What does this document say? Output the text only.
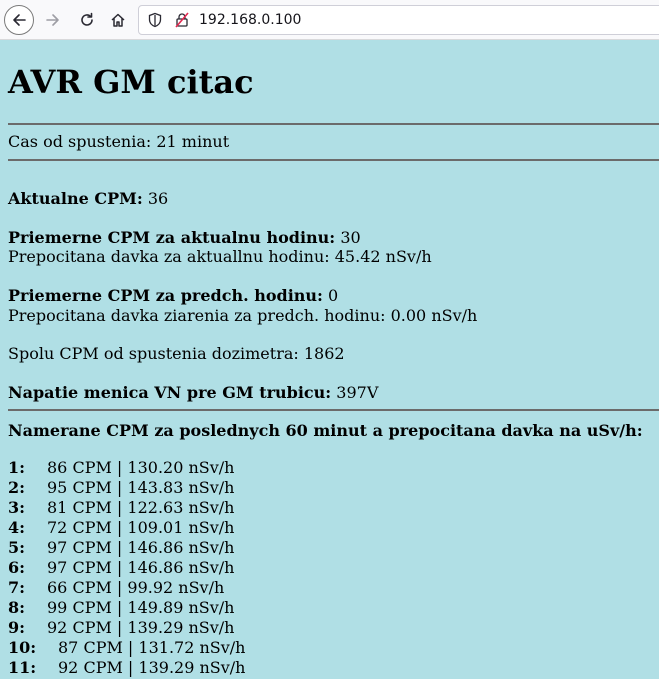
192.168.0.100
AVR GM citac
Cas od spustenia: 21 minut
Aktualne CPM: 36
Priemerne CPM za aktualnu hodinu: 30
Prepocitana davka za aktuallnu hodinu: 45.42 nSv/h
Priemerne CPM za predch. hodinu: 0
Prepocitana davka ziarenia za predch. hodinu: 0.00 nSv/h
Spolu CPM od spustenia dozimetra: 1862
Napatie menica VN pre GM trubicu: 397V
Namerane CPM za poslednych 60 minut a prepocitana davka na uSv/h:
1:	86 CPM | 130.20 nSv/h
2:	95 CPM | 143.83 nSv/h
3:	81 CPM | 122.63 nSv/h
4:	72 CPM | 109.01 nSv/h
5:	97 CPM | 146.86 nSv/h
6:	97 CPM | 146.86 nSv/h
7:	66 CPM | 99.92 nSv/h
8:	99 CPM | 149.89 nSv/h
9:	92 CPM | 139.29 nSv/h
10:	87 CPM | 131.72 nSv/h
11:	92 CPM | 139.29 nSv/h
